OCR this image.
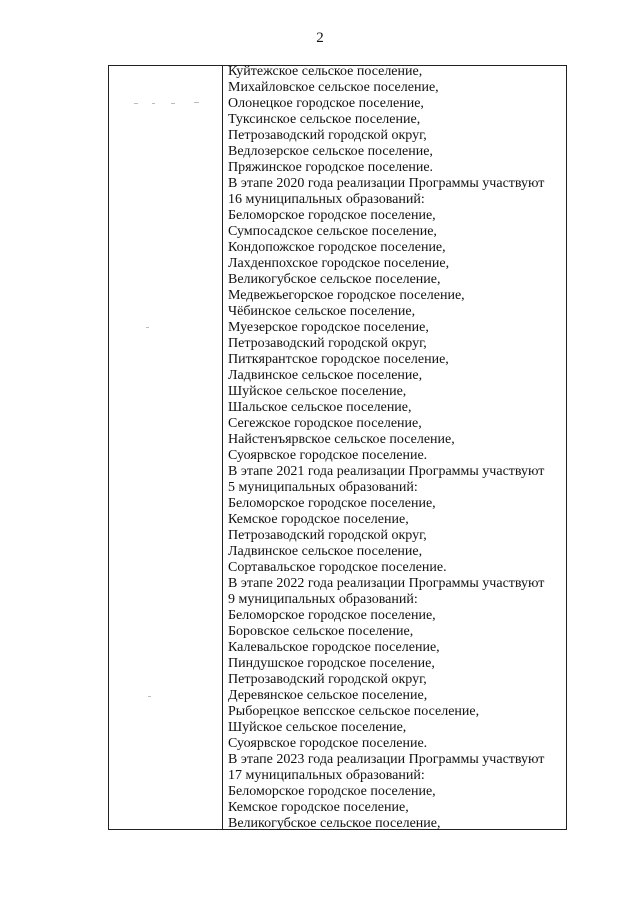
2
Куйтежское сельское поселение,
Михайловское сельское поселение,
Олонецкое городское поселение,
Туксинское сельское поселение,
Петрозаводский городской округ,
Ведлозерское сельское поселение,
Пряжинское городское поселение.
В этапе 2020 года реализации Программы участвуют
16 муниципальных образований:
Беломорское городское поселение,
Сумпосадское сельское поселение,
Кондопожское городское поселение,
Лахденпохское городское поселение,
Великогубское сельское поселение,
Медвежьегорское городское поселение,
Чёбинское сельское поселение,
Муезерское городское поселение,
Петрозаводский городской округ,
Питкярантское городское поселение,
Ладвинское сельское поселение,
Шуйское сельское поселение,
Шальское сельское поселение,
Сегежское городское поселение,
Найстенъярвское сельское поселение,
Суоярвское городское поселение.
В этапе 2021 года реализации Программы участвуют
5 муниципальных образований:
Беломорское городское поселение,
Кемское городское поселение,
Петрозаводский городской округ,
Ладвинское сельское поселение,
Сортавальское городское поселение.
В этапе 2022 года реализации Программы участвуют
9 муниципальных образований:
Беломорское городское поселение,
Боровское сельское поселение,
Калевальское городское поселение,
Пиндушское городское поселение,
Петрозаводский городской округ,
Деревянское сельское поселение,
Рыборецкое вепсское сельское поселение,
Шуйское сельское поселение,
Суоярвское городское поселение.
В этапе 2023 года реализации Программы участвуют
17 муниципальных образований:
Беломорское городское поселение,
Кемское городское поселение,
Великогубское сельское поселение,
